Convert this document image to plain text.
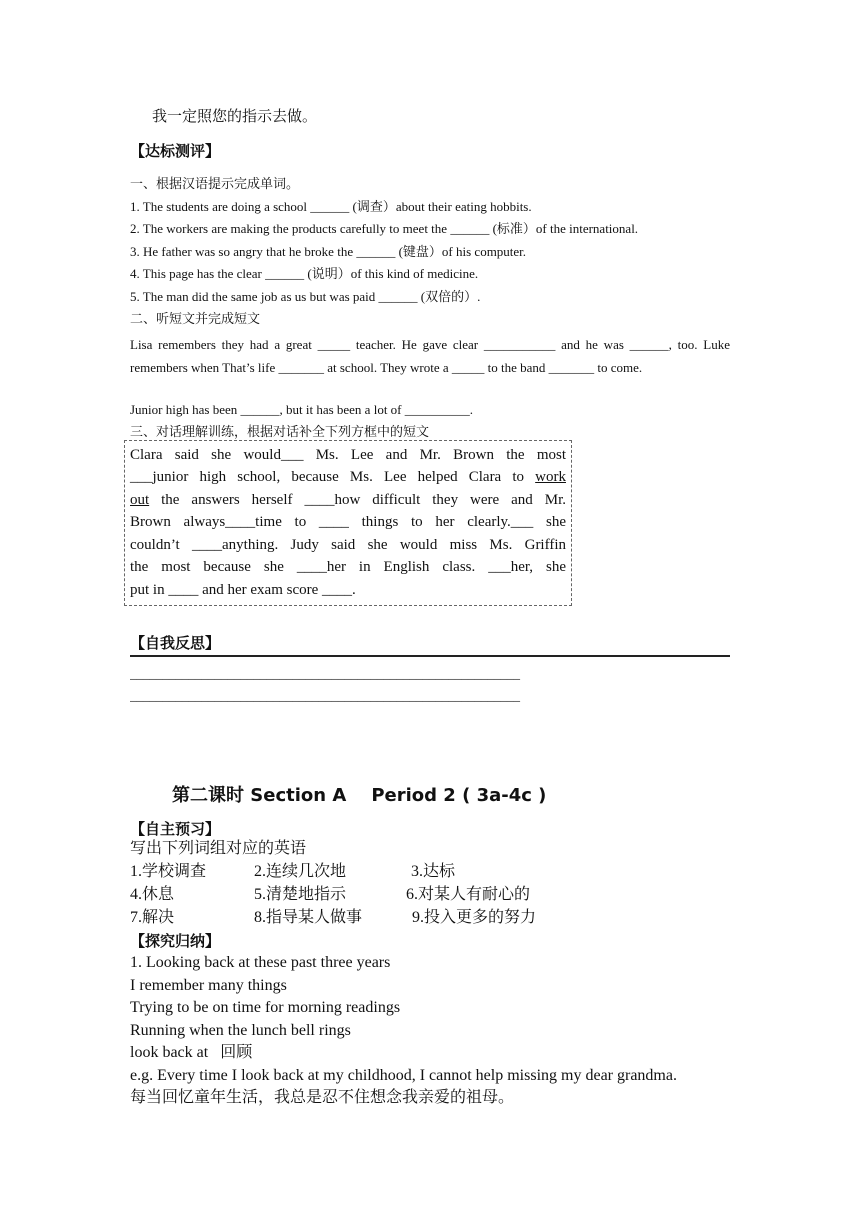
我一定照您的指示去做。
【达标测评】
一、根据汉语提示完成单词。
1. The students are doing a school ______ (调查）about their eating hobbits.
2. The workers are making the products carefully to meet the ______ (标准）of the international.
3. He father was so angry that he broke the ______ (键盘）of his computer.
4. This page has the clear ______ (说明）of this kind of medicine.
5. The man did the same job as us but was paid ______ (双倍的）.
二、听短文并完成短文
Lisa remembers they had a great _____ teacher. He gave clear ___________ and he was ______, too. Luke remembers when That’s life _______ at school. They wrote a _____ to the band _______ to come.
Junior high has been ______, but it has been a lot of __________.
三、对话理解训练，根据对话补全下列方框中的短文
Clara said she would___ Ms. Lee and Mr. Brown the most
___junior high school, because Ms. Lee helped Clara to work
out the answers herself ____how difficult they were and Mr.
Brown always____time to ____ things to her clearly.___ she
couldn’t ____anything. Judy said she would miss Ms. Griffin
the most because she ____her in English class. ___her, she
put in ____ and her exam score ____.
【自我反思】
____________________________________________________________
____________________________________________________________
第二课时 Section A    Period 2 ( 3a-4c )
【自主预习】
写出下列词组对应的英语
1.学校调查	2.连续几次地	3.达标
4.休息	5.清楚地指示	6.对某人有耐心的
7.解决	8.指导某人做事	9.投入更多的努力
【探究归纳】
1. Looking back at these past three years
I remember many things
Trying to be on time for morning readings
Running when the lunch bell rings
look back at   回顾
e.g. Every time I look back at my childhood, I cannot help missing my dear grandma.
每当回忆童年生活，我总是忍不住想念我亲爱的祖母。
